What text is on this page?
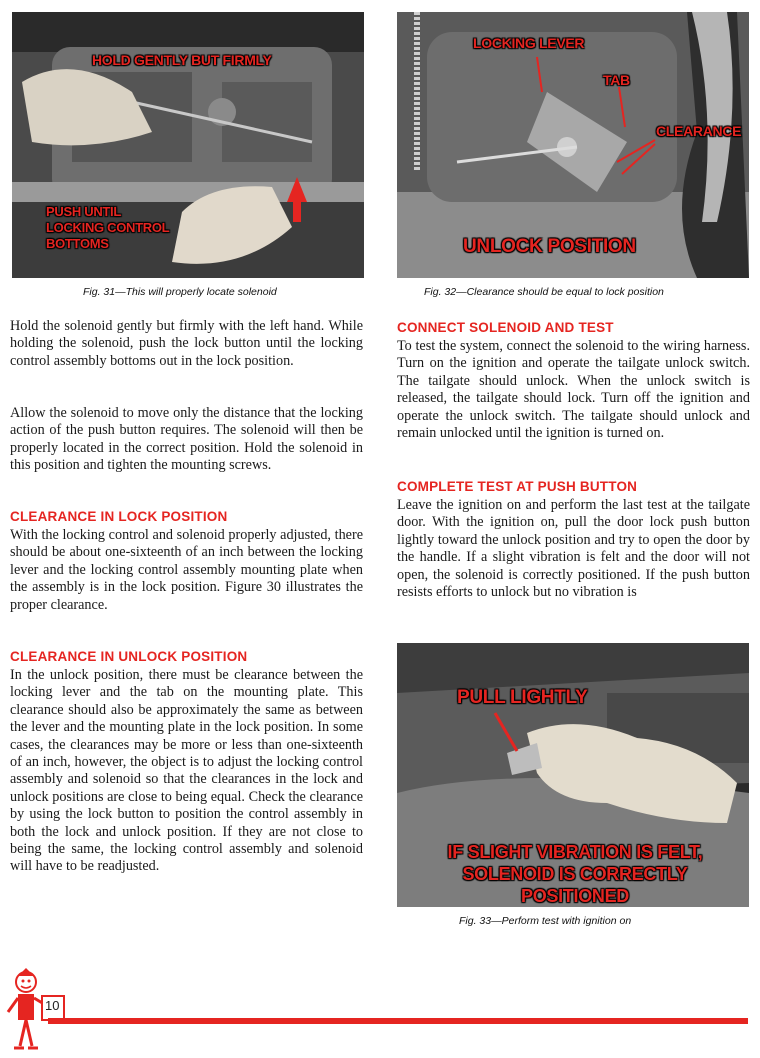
HOLD GENTLY BUT FIRMLY
PUSH UNTIL
LOCKING CONTROL
BOTTOMS
Fig. 31—This will properly locate solenoid
LOCKING LEVER
TAB
CLEARANCE
UNLOCK POSITION
Fig. 32—Clearance should be equal to lock position

Hold the solenoid gently but firmly with the left hand. While holding the solenoid, push the lock button until the locking control assembly bottoms out in the lock position.

Allow the solenoid to move only the distance that the locking action of the push button requires. The solenoid will then be properly located in the correct position. Hold the solenoid in this position and tighten the mounting screws.

CLEARANCE IN LOCK POSITION

With the locking control and solenoid properly adjusted, there should be about one-sixteenth of an inch between the locking lever and the locking control assembly mounting plate when the assembly is in the lock position. Figure 30 illustrates the proper clearance.

CLEARANCE IN UNLOCK POSITION

In the unlock position, there must be clearance between the locking lever and the tab on the mounting plate. This clearance should also be approximately the same as between the lever and the mounting plate in the lock position. In some cases, the clearances may be more or less than one-sixteenth of an inch, however, the object is to adjust the locking control assembly and solenoid so that the clearances in the lock and unlock positions are close to being equal. Check the clearance by using the lock button to position the control assembly in both the lock and unlock position. If they are not close to being the same, the locking control assembly and solenoid will have to be readjusted.

CONNECT SOLENOID AND TEST

To test the system, connect the solenoid to the wiring harness. Turn on the ignition and operate the tailgate unlock switch. The tailgate should unlock. When the unlock switch is released, the tailgate should lock. Turn off the ignition and operate the unlock switch. The tailgate should unlock and remain unlocked until the ignition is turned on.

COMPLETE TEST AT PUSH BUTTON

Leave the ignition on and perform the last test at the tailgate door. With the ignition on, pull the door lock push button lightly toward the unlock position and try to open the door by the handle. If a slight vibration is felt and the door will not open, the solenoid is correctly positioned. If the push button resists efforts to unlock but no vibration is

PULL LIGHTLY
IF SLIGHT VIBRATION IS FELT,
SOLENOID IS CORRECTLY POSITIONED
Fig. 33—Perform test with ignition on
10
